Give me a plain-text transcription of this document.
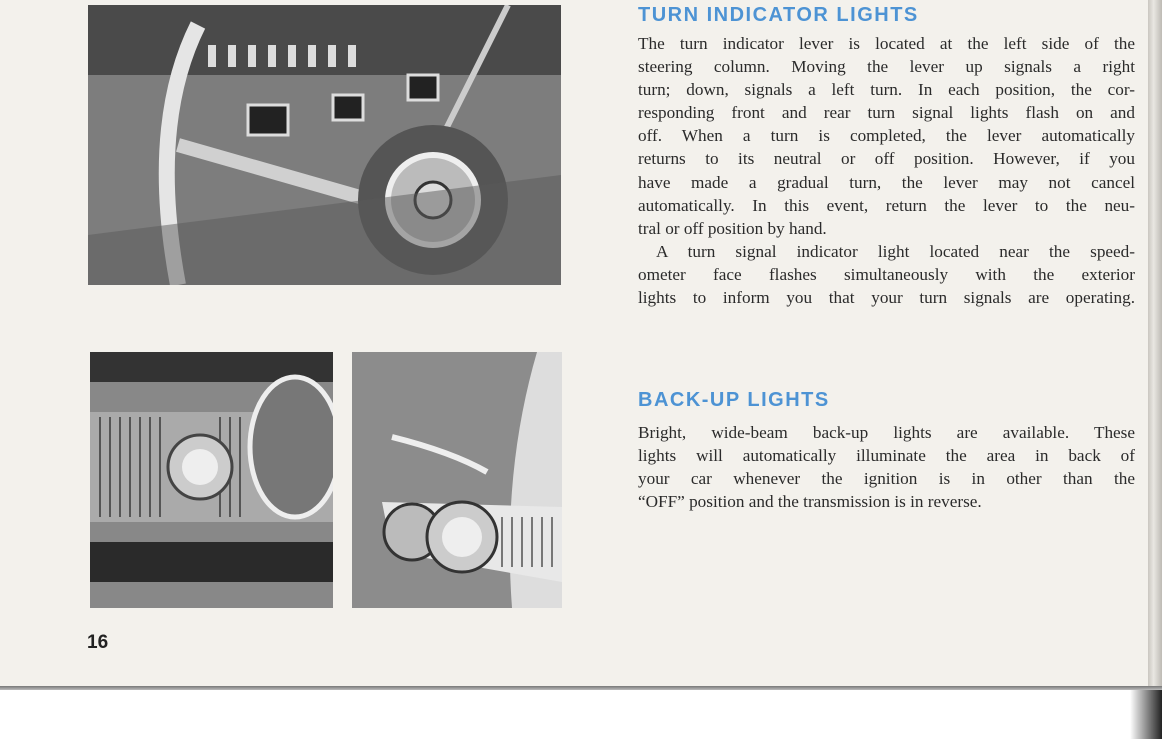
TURN INDICATOR LIGHTS
The turn indicator lever is located at the left side of the
steering column. Moving the lever up signals a right
turn; down, signals a left turn. In each position, the cor-
responding front and rear turn signal lights flash on and
off. When a turn is completed, the lever automatically
returns to its neutral or off position. However, if you
have made a gradual turn, the lever may not cancel
automatically. In this event, return the lever to the neu-
tral or off position by hand.
A turn signal indicator light located near the speed-
ometer face flashes simultaneously with the exterior
lights to inform you that your turn signals are operating.
BACK-UP LIGHTS
Bright, wide-beam back-up lights are available. These
lights will automatically illuminate the area in back of
your car whenever the ignition is in other than the
“OFF” position and the transmission is in reverse.
16
